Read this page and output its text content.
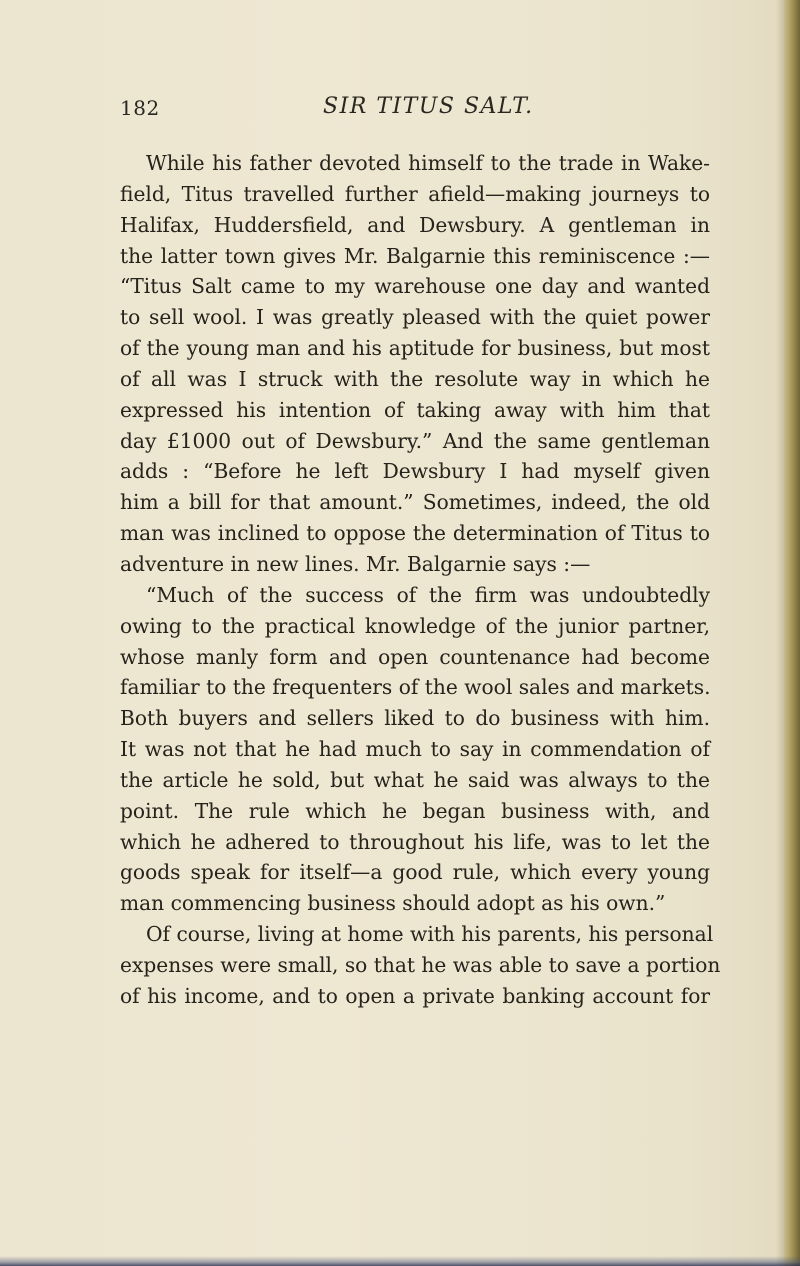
182	SIR TITUS SALT.
While his father devoted himself to the trade in Wake-
field, Titus travelled further afield—making journeys to
Halifax, Huddersfield, and Dewsbury. A gentleman in
the latter town gives Mr. Balgarnie this reminiscence :—
“Titus Salt came to my warehouse one day and wanted
to sell wool. I was greatly pleased with the quiet power
of the young man and his aptitude for business, but most
of all was I struck with the resolute way in which he
expressed his intention of taking away with him that
day £1000 out of Dewsbury.” And the same gentleman
adds : “Before he left Dewsbury I had myself given
him a bill for that amount.” Sometimes, indeed, the old
man was inclined to oppose the determination of Titus to
adventure in new lines. Mr. Balgarnie says :—
“Much of the success of the firm was undoubtedly
owing to the practical knowledge of the junior partner,
whose manly form and open countenance had become
familiar to the frequenters of the wool sales and markets.
Both buyers and sellers liked to do business with him.
It was not that he had much to say in commendation of
the article he sold, but what he said was always to the
point. The rule which he began business with, and
which he adhered to throughout his life, was to let the
goods speak for itself—a good rule, which every young
man commencing business should adopt as his own.”
Of course, living at home with his parents, his personal
expenses were small, so that he was able to save a portion
of his income, and to open a private banking account for
